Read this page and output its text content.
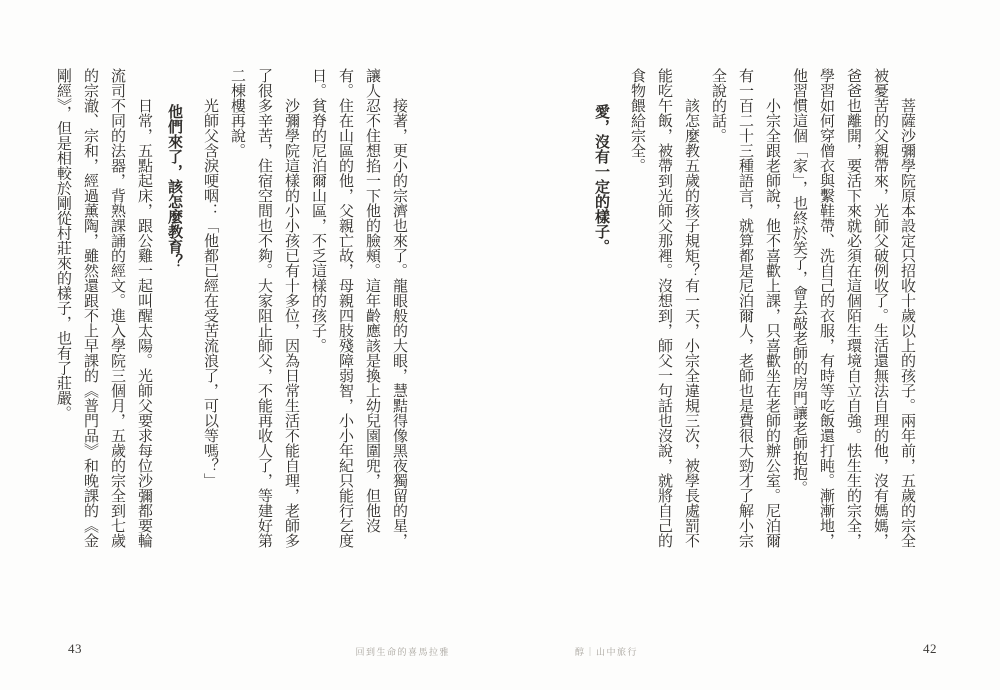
菩薩沙彌學院原本設定只招收十歲以上的孩子。兩年前，五歲的宗全被憂苦的父親帶來，光師父破例收了。生活還無法自理的他，沒有媽媽，爸爸也離開，要活下來就必須在這個陌生環境自立自強。怯生生的宗全，學習如何穿僧衣與繫鞋帶、洗自己的衣服，有時等吃飯還打盹。漸漸地，他習慣這個「家」，也終於笑了，會去敲老師的房門讓老師抱抱。

小宗全跟老師說，他不喜歡上課，只喜歡坐在老師的辦公室。尼泊爾有一百二十三種語言，就算都是尼泊爾人，老師也是費很大勁才了解小宗全說的話。

該怎麼教五歲的孩子規矩？有一天，小宗全違規三次，被學長處罰不能吃午飯，被帶到光師父那裡。沒想到，師父一句話也沒說，就將自己的食物餵給宗全。

愛，沒有一定的樣子。

醇｜山中旅行	42

接著，更小的宗濟也來了。龍眼般的大眼，慧黠得像黑夜獨留的星，讓人忍不住想掐一下他的臉頰。這年齡應該是換上幼兒園圍兜，但他沒有。住在山區的他，父親亡故，母親四肢殘障弱智，小小年紀只能行乞度日。貧脊的尼泊爾山區，不乏這樣的孩子。

沙彌學院這樣的小小孩已有十多位，因為日常生活不能自理，老師多了很多辛苦，住宿空間也不夠。大家阻止師父，不能再收人了，等建好第二棟樓再說。

光師父含淚哽咽：「他都已經在受苦流浪了，可以等嗎？」

他們來了，該怎麼教育？

日常，五點起床，跟公雞一起叫醒太陽。光師父要求每位沙彌都要輪流司不同的法器，背熟課誦的經文。進入學院三個月，五歲的宗全到七歲的宗澈、宗和，經過薰陶，雖然還跟不上早課的《普門品》和晚課的《金剛經》，但是相較於剛從村莊來的樣子，也有了莊嚴。

回到生命的喜馬拉雅
43
